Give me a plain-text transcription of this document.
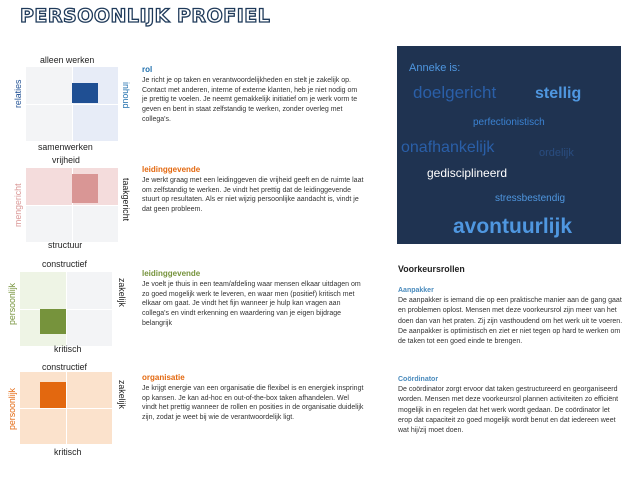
PERSOONLIJK PROFIEL
alleen werken
relaties	inhoud
samenwerken
rol
Je richt je op taken en verantwoordelijkheden en stelt je zakelijk op. Contact met anderen, interne of externe klanten, heb je niet nodig om je prettig te voelen. Je neemt gemakkelijk initiatief om je werk vorm te geven en bent in staat zelfstandig te werken, zonder overleg met collega's.
vrijheid
mengericht	taakgericht
structuur
leidinggevende
Je werkt graag met een leidinggeven die vrijheid geeft en de ruimte laat om zelfstandig te werken. Je vindt het prettig dat de leidinggevende stuurt op resultaten. Als er niet wijzig persoonlijke aandacht is, vindt je dat geen probleem.
constructief
persoonlijk	zakelijk
kritisch
leidinggevende
Je voelt je thuis in een team/afdeling waar mensen elkaar uitdagen om zo goed mogelijk werk te leveren, en waar men (positief) kritisch met elkaar om gaat. Je vindt het fijn wanneer je hulp kan vragen aan collega's en vindt erkenning en waardering van je eigen bijdrage belangrijk
constructief
persoonlijk	zakelijk
kritisch
organisatie
Je krijgt energie van een organisatie die flexibel is en energiek inspringt op kansen. Je kan ad-hoc en out-of-the-box taken afhandelen. Wel vindt het prettig wanneer de rollen en posities in de organisatie duidelijk zijn, zodat je weet bij wie de verantwoordelijk ligt.
Anneke is:
doelgericht stellig
perfectionistisch
onafhankelijk	ordelijk
gedisciplineerd
stressbestendig
avontuurlijk
Voorkeursrollen
Aanpakker
De aanpakker is iemand die op een praktische manier aan de gang gaat en problemen oplost. Mensen met deze voorkeursrol zijn meer van het doen dan van het praten. Zij zijn vasthoudend om het werk uit te voeren. De aanpakker is optimistisch en ziet er niet tegen op hard te werken om de taken tot een goed einde te brengen.
Coördinator
De coördinator zorgt ervoor dat taken gestructureerd en georganiseerd worden. Mensen met deze voorkeursrol plannen activiteiten zo efficiënt mogelijk in en regelen dat het werk wordt gedaan. De coördinator let erop dat capaciteit zo goed mogelijk wordt benut en dat iedereen weet wat hij/zij moet doen.
